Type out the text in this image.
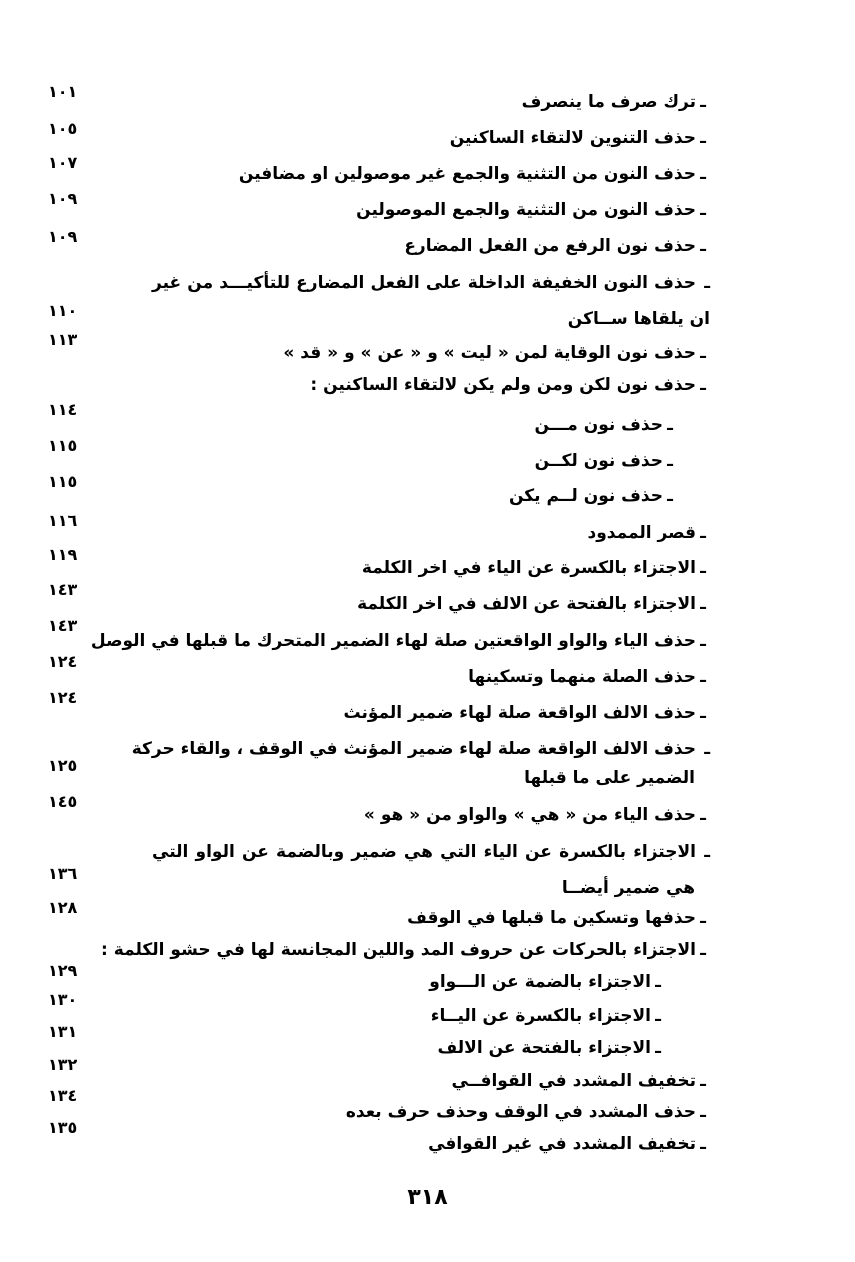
ـترك صرف ما ينصرف
ـحذف التنوين لالتقاء الساكنين
ـحذف النون من التثنية والجمع غير موصولين او مضافين
ـحذف النون من التثنية والجمع الموصولين
ـحذف نون الرفع من الفعل المضارع
ـحذف النون الخفيفة الداخلة على الفعل المضارع للتأكيـــد من غير
ان يلقاها ســاكن
ـحذف نون الوقاية لمن « ليت » و « عن » و « قد »
ـحذف نون لكن ومن ولم يكن لالتقاء الساكنين :
ـحذف نون مـــن
ـحذف نون لكــن
ـحذف نون لــم يكن
ـقصر الممدود
ـالاجتزاء بالكسرة عن الياء في اخر الكلمة
ـالاجتزاء بالفتحة عن الالف في اخر الكلمة
ـحذف الياء والواو الواقعتين صلة لهاء الضمير المتحرك ما قبلها في الوصل
ـحذف الصلة منهما وتسكينها
ـحذف الالف الواقعة صلة لهاء ضمير المؤنث
ـحذف الالف الواقعة صلة لهاء ضمير المؤنث في الوقف ، والقاء حركة
الضمير على ما قبلها
ـحذف الياء من « هي » والواو من « هو »
ـالاجتزاء بالكسرة عن الياء التي هي ضمير وبالضمة عن الواو التي
هي ضمير أيضــا
ـحذفها وتسكين ما قبلها في الوقف
ـالاجتزاء بالحركات عن حروف المد واللين المجانسة لها في حشو الكلمة :
ـالاجتزاء بالضمة عن الـــواو
ـالاجتزاء بالكسرة عن اليــاء
ـالاجتزاء بالفتحة عن الالف
ـتخفيف المشدد في القوافــي
ـحذف المشدد في الوقف وحذف حرف بعده
ـتخفيف المشدد في غير القوافي
١٠١
١٠٥
١٠٧
١٠٩
١٠٩
١١٠
١١٣
١١٤
١١٥
١١٥
١١٦
١١٩
١٤٣
١٤٣
١٢٤
١٢٤
١٢٥
١٤٥
١٣٦
١٢٨
١٢٩
١٣٠
١٣١
١٣٢
١٣٤
١٣٥
٣١٨
